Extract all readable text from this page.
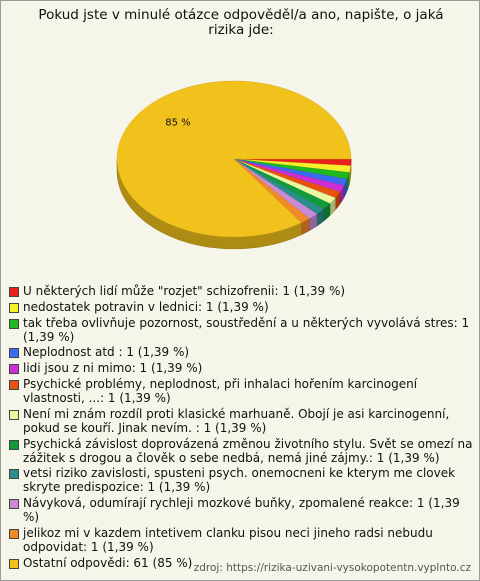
Pokud jste v minulé otázce odpověděl/a ano, napište, o jaká rizika jde:
85 %
U některých lidí může "rozjet" schizofrenii: 1 (1,39 %)
nedostatek potravin v lednici: 1 (1,39 %)
tak třeba ovlivňuje pozornost, soustředění a u některých vyvolává stres: 1 (1,39 %)
Neplodnost atd : 1 (1,39 %)
lidi jsou z ni mimo: 1 (1,39 %)
Psychické problémy, neplodnost, při inhalaci hořením karcinogení vlastnosti, ...: 1 (1,39 %)
Není mi znám rozdíl proti klasické marhuaně. Obojí je asi karcinogenní, pokud se kouří. Jinak nevím. : 1 (1,39 %)
Psychická závislost doprovázená změnou životního stylu. Svět se omezí na zážitek s drogou a člověk o sebe nedbá, nemá jiné zájmy.: 1 (1,39 %)
vetsi riziko zavislosti, spusteni psych. onemocneni ke kterym me clovek skryte predispozice: 1 (1,39 %)
Návyková, odumírají rychleji mozkové buňky, zpomalené reakce: 1 (1,39 %)
jelikoz mi v kazdem intetivem clanku pisou neci jineho radsi nebudu odpovidat: 1 (1,39 %)
Ostatní odpovědi: 61 (85 %) zdroj: https://rizika-uzivani-vysokopotentn.vyplnto.cz
